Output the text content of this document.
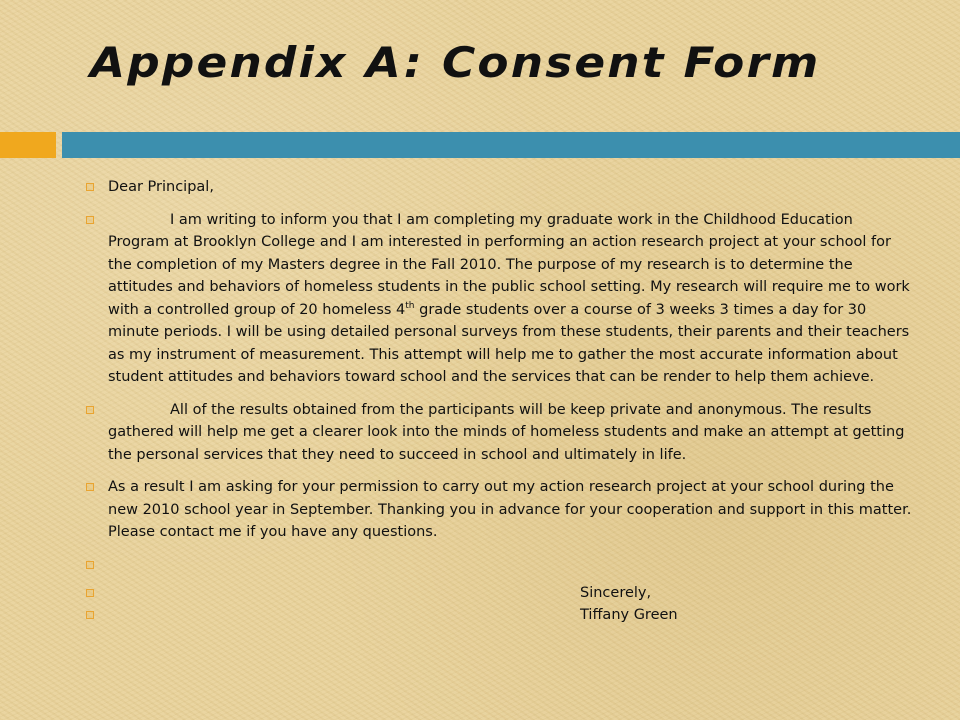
Appendix A: Consent Form
Dear Principal,
I am writing to inform you that I am completing my graduate work in the Childhood Education Program at Brooklyn College and I am interested in performing an action research project at your school for the completion of my Masters degree in the Fall 2010. The purpose of my research is to determine the attitudes and behaviors of homeless students in the public school setting. My research will require me to work with a controlled group of 20 homeless 4th grade students over a course of 3 weeks 3 times a day for 30 minute periods. I will be using detailed personal surveys from these students, their parents and their teachers as my instrument of measurement. This attempt will help me to gather the most accurate information about student attitudes and behaviors toward school and the services that can be render to help them achieve.
All of the results obtained from the participants will be keep private and anonymous. The results gathered will help me get a clearer look into the minds of homeless students and make an attempt at getting the personal services that they need to succeed in school and ultimately in life.
As a result I am asking for your permission to carry out my action research project at your school during the new 2010 school year in September. Thanking you in advance for your cooperation and support in this matter. Please contact me if you have any questions.
Sincerely,
Tiffany Green
